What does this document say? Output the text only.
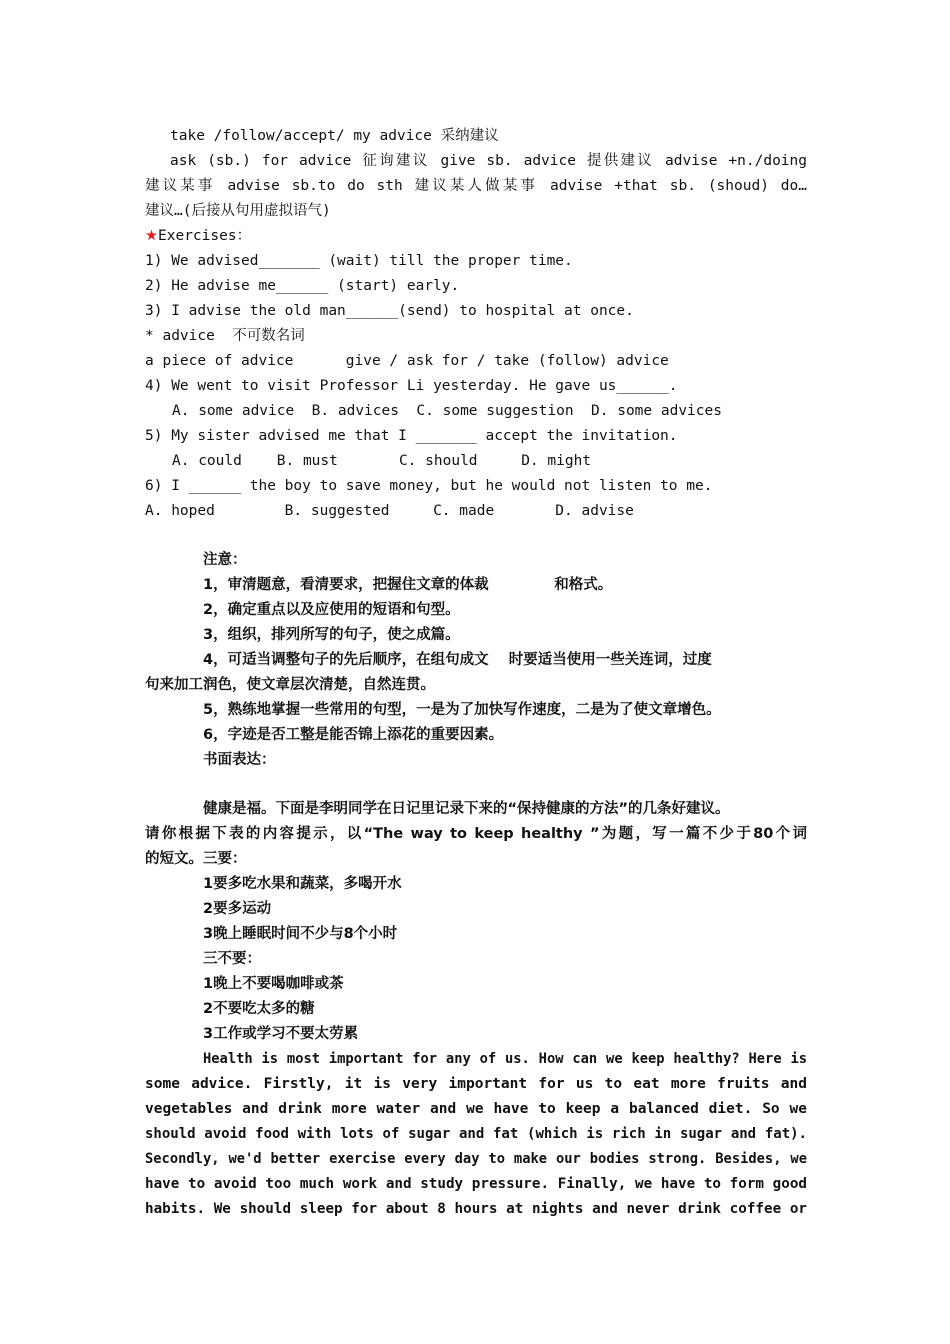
take /follow/accept/ my advice 采纳建议
ask (sb.) for advice 征询建议 give sb. advice 提供建议 advise +n./doing
建议某事 advise sb.to do sth 建议某人做某事 advise +that sb. (shoud) do…
建议…(后接从句用虚拟语气)
★Exercises：
1) We advised_______ (wait) till the proper time.
2) He advise me______ (start) early.
3) I advise the old man______(send) to hospital at once.
* advice  不可数名词
a piece of advice      give / ask for / take (follow) advice
4) We went to visit Professor Li yesterday. He gave us______.
A. some advice  B. advices  C. some suggestion  D. some advices
5) My sister advised me that I _______ accept the invitation.
A. could    B. must       C. should     D. might
6) I ______ the boy to save money, but he would not listen to me.
A. hoped        B. suggested     C. made       D. advise
注意：
1，审清题意，看清要求，把握住文章的体裁             和格式。
2，确定重点以及应使用的短语和句型。
3，组织，排列所写的句子，使之成篇。
4，可适当调整句子的先后顺序，在组句成文    时要适当使用一些关连词，过度
句来加工润色，使文章层次清楚，自然连贯。
5，熟练地掌握一些常用的句型，一是为了加快写作速度，二是为了使文章增色。
6，字迹是否工整是能否锦上添花的重要因素。
书面表达：
健康是福。下面是李明同学在日记里记录下来的“保持健康的方法”的几条好建议。
请你根据下表的内容提示，以“The way to keep healthy ”为题，写一篇不少于80个词
的短文。三要：
1要多吃水果和蔬菜，多喝开水
2要多运动
3晚上睡眠时间不少与8个小时
三不要：
1晚上不要喝咖啡或茶
2不要吃太多的糖
3工作或学习不要太劳累
Health is most important for any of us. How can we keep healthy? Here is
some advice. Firstly, it is very important for us to eat more fruits and
vegetables and drink more water and we have to keep a balanced diet. So we
should avoid food with lots of sugar and fat (which is rich in sugar and fat).
Secondly, we'd better exercise every day to make our bodies strong. Besides, we
have to avoid too much work and study pressure. Finally, we have to form good
habits. We should sleep for about 8 hours at nights and never drink coffee or
